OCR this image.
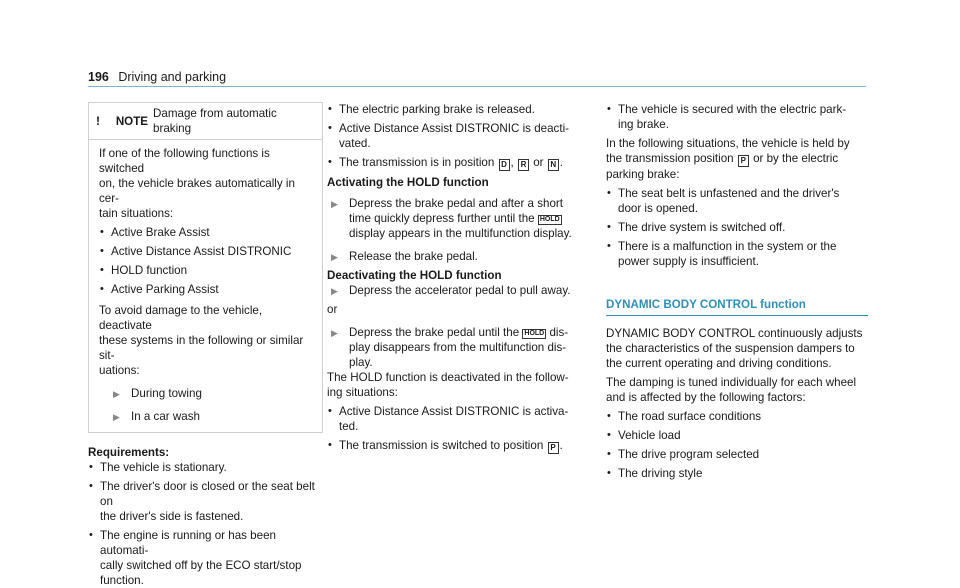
196 Driving and parking
!	NOTE
Damage from automatic braking

If one of the following functions is switched

on, the vehicle brakes automatically in cer-

tain situations:

• Active Brake Assist

• Active Distance Assist DISTRONIC

• HOLD function

• Active Parking Assist

To avoid damage to the vehicle, deactivate

these systems in the following or similar sit-

uations:

▶ During towing

▶ In a car wash

Requirements:

• The vehicle is stationary.

• The driver's door is closed or the seat belt on

the driver's side is fastened.

• The engine is running or has been automati-

cally switched off by the ECO start/stop

function.

• The electric parking brake is released.

• Active Distance Assist DISTRONIC is deacti-

vated.

• The transmission is in position D , R or N .

Activating the HOLD function

▶ Depress the brake pedal and after a short

time quickly depress further until the HOLD

display appears in the multifunction display.

▶ Release the brake pedal.

Deactivating the HOLD function

▶ Depress the accelerator pedal to pull away.

or

▶ Depress the brake pedal until the HOLD dis-

play disappears from the multifunction dis-

play.

The HOLD function is deactivated in the follow-

ing situations:

• Active Distance Assist DISTRONIC is activa-

ted.

• The transmission is switched to position P .

• The vehicle is secured with the electric park-

ing brake.

In the following situations, the vehicle is held by

the transmission position P or by the electric

parking brake:

• The seat belt is unfastened and the driver's

door is opened.

• The drive system is switched off.

• There is a malfunction in the system or the

power supply is insufficient.

DYNAMIC BODY CONTROL function

DYNAMIC BODY CONTROL continuously adjusts

the characteristics of the suspension dampers to

the current operating and driving conditions.

The damping is tuned individually for each wheel

and is affected by the following factors:

• The road surface conditions

• Vehicle load

• The drive program selected

• The driving style
